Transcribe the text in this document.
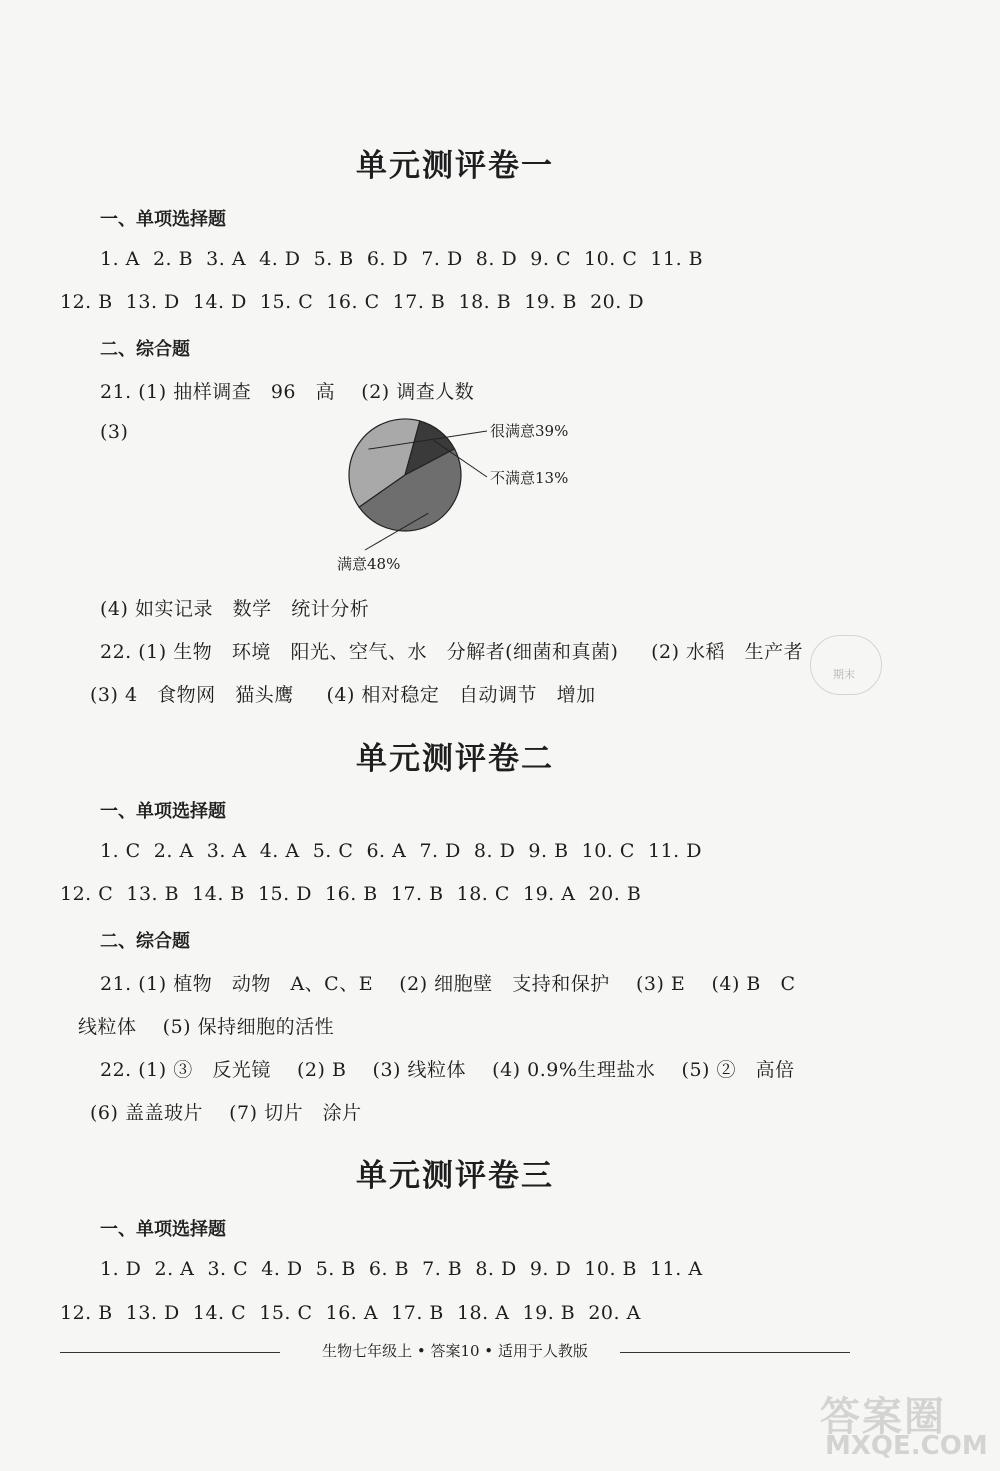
单元测评卷一
一、单项选择题
1. A  2. B  3. A  4. D  5. B  6. D  7. D  8. D  9. C  10. C  11. B
12. B  13. D  14. D  15. C  16. C  17. B  18. B  19. B  20. D
二、综合题
21. (1) 抽样调查   96   高    (2) 调查人数
(3)	很满意39%
不满意13%
满意48%
(4) 如实记录   数学   统计分析
22. (1) 生物   环境   阳光、空气、水   分解者(细菌和真菌)     (2) 水稻   生产者
(3) 4   食物网   猫头鹰     (4) 相对稳定   自动调节   增加
期末
单元测评卷二
一、单项选择题
1. C  2. A  3. A  4. A  5. C  6. A  7. D  8. D  9. B  10. C  11. D
12. C  13. B  14. B  15. D  16. B  17. B  18. C  19. A  20. B
二、综合题
21. (1) 植物   动物   A、C、E    (2) 细胞壁   支持和保护    (3) E    (4) B   C
线粒体    (5) 保持细胞的活性
22. (1) ③   反光镜    (2) B    (3) 线粒体    (4) 0.9%生理盐水    (5) ②   高倍
(6) 盖盖玻片    (7) 切片   涂片
单元测评卷三
一、单项选择题
1. D  2. A  3. C  4. D  5. B  6. B  7. B  8. D  9. D  10. B  11. A
12. B  13. D  14. C  15. C  16. A  17. B  18. A  19. B  20. A
生物七年级上 • 答案10 • 适用于人教版
答案圈
MXQE.COM
